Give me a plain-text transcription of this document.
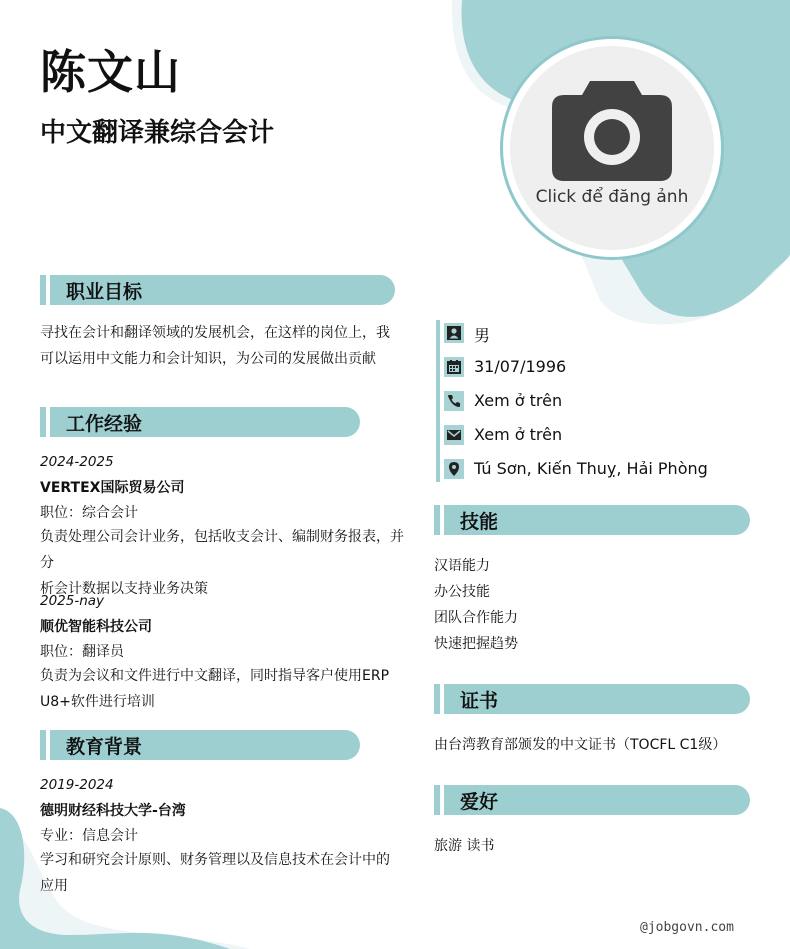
陈文山
中文翻译兼综合会计
Click để đăng ảnh
职业目标
寻找在会计和翻译领域的发展机会，在这样的岗位上，我
可以运用中文能力和会计知识，为公司的发展做出贡献
工作经验
2024-2025
VERTEX国际贸易公司
职位：综合会计
负责处理公司会计业务，包括收支会计、编制财务报表，并分
析会计数据以支持业务决策
2025-nay
顺优智能科技公司
职位：翻译员
负责为会议和文件进行中文翻译，同时指导客户使用ERP
U8+软件进行培训
教育背景
2019-2024
德明财经科技大学-台湾
专业：信息会计
学习和研究会计原则、财务管理以及信息技术在会计中的
应用
男
31/07/1996
Xem ở trên
Xem ở trên
Tú Sơn, Kiến Thuỵ, Hải Phòng
技能
汉语能力
办公技能
团队合作能力
快速把握趋势
证书
由台湾教育部颁发的中文证书（TOCFL C1级）
爱好
旅游 读书
@jobgovn.com
